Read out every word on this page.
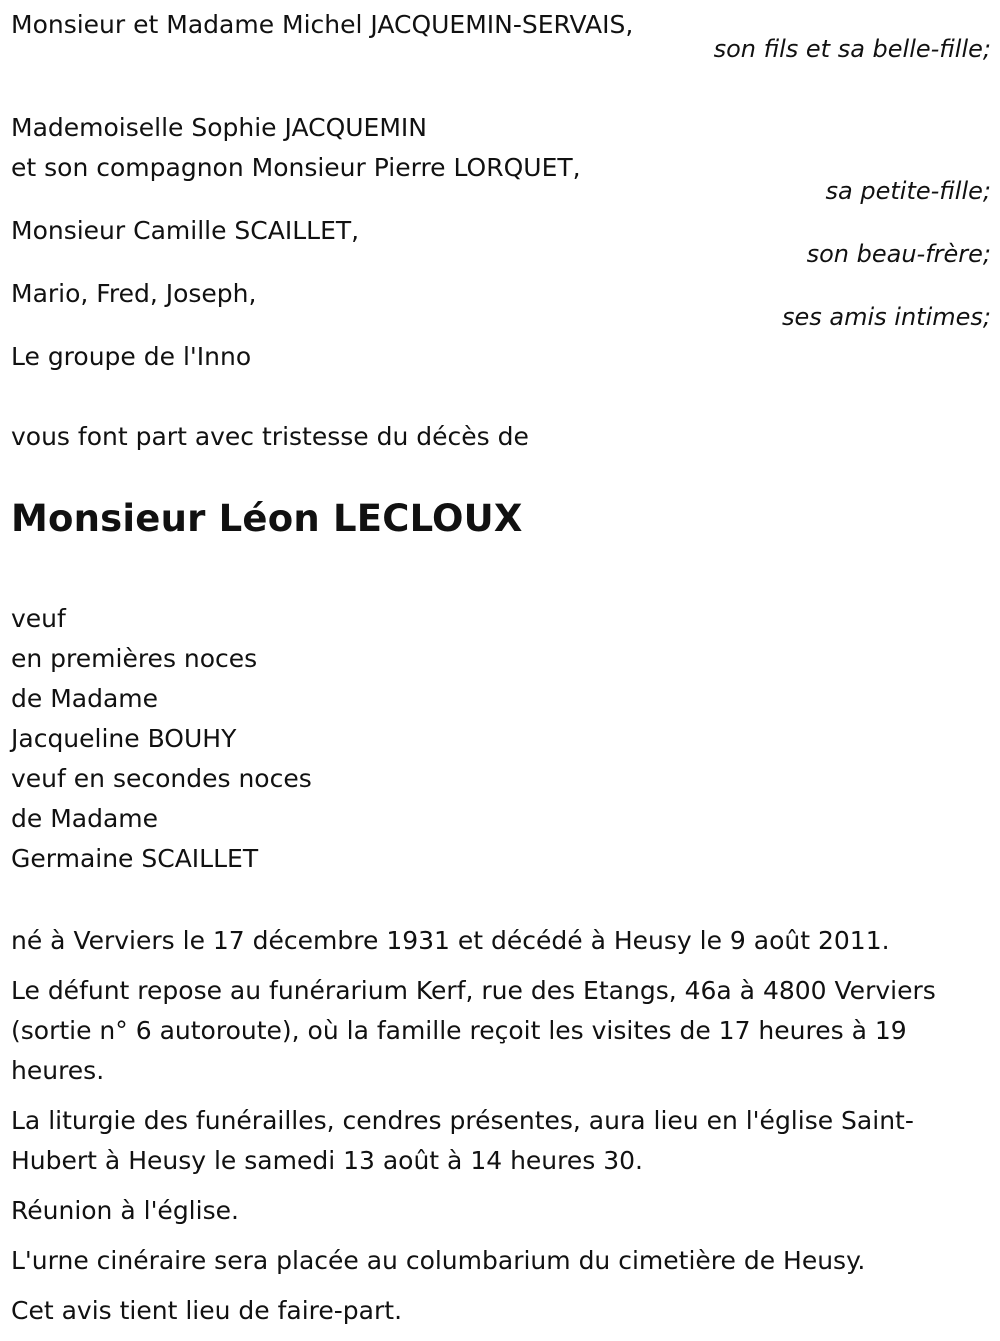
Monsieur et Madame Michel JACQUEMIN-SERVAIS,
son fils et sa belle-fille;
Mademoiselle Sophie JACQUEMIN
et son compagnon Monsieur Pierre LORQUET,
sa petite-fille;
Monsieur Camille SCAILLET,
son beau-frère;
Mario, Fred, Joseph,
ses amis intimes;
Le groupe de l'Inno
vous font part avec tristesse du décès de
Monsieur Léon LECLOUX
veuf
en premières noces
de Madame
Jacqueline BOUHY
veuf en secondes noces
de Madame
Germaine SCAILLET
né à Verviers le 17 décembre 1931 et décédé à Heusy le 9 août 2011.
Le défunt repose au funérarium Kerf, rue des Etangs, 46a à 4800 Verviers (sortie n° 6 autoroute), où la famille reçoit les visites de 17 heures à 19 heures.
La liturgie des funérailles, cendres présentes, aura lieu en l'église Saint-Hubert à Heusy le samedi 13 août à 14 heures 30.
Réunion à l'église.
L'urne cinéraire sera placée au columbarium du cimetière de Heusy.
Cet avis tient lieu de faire-part.
